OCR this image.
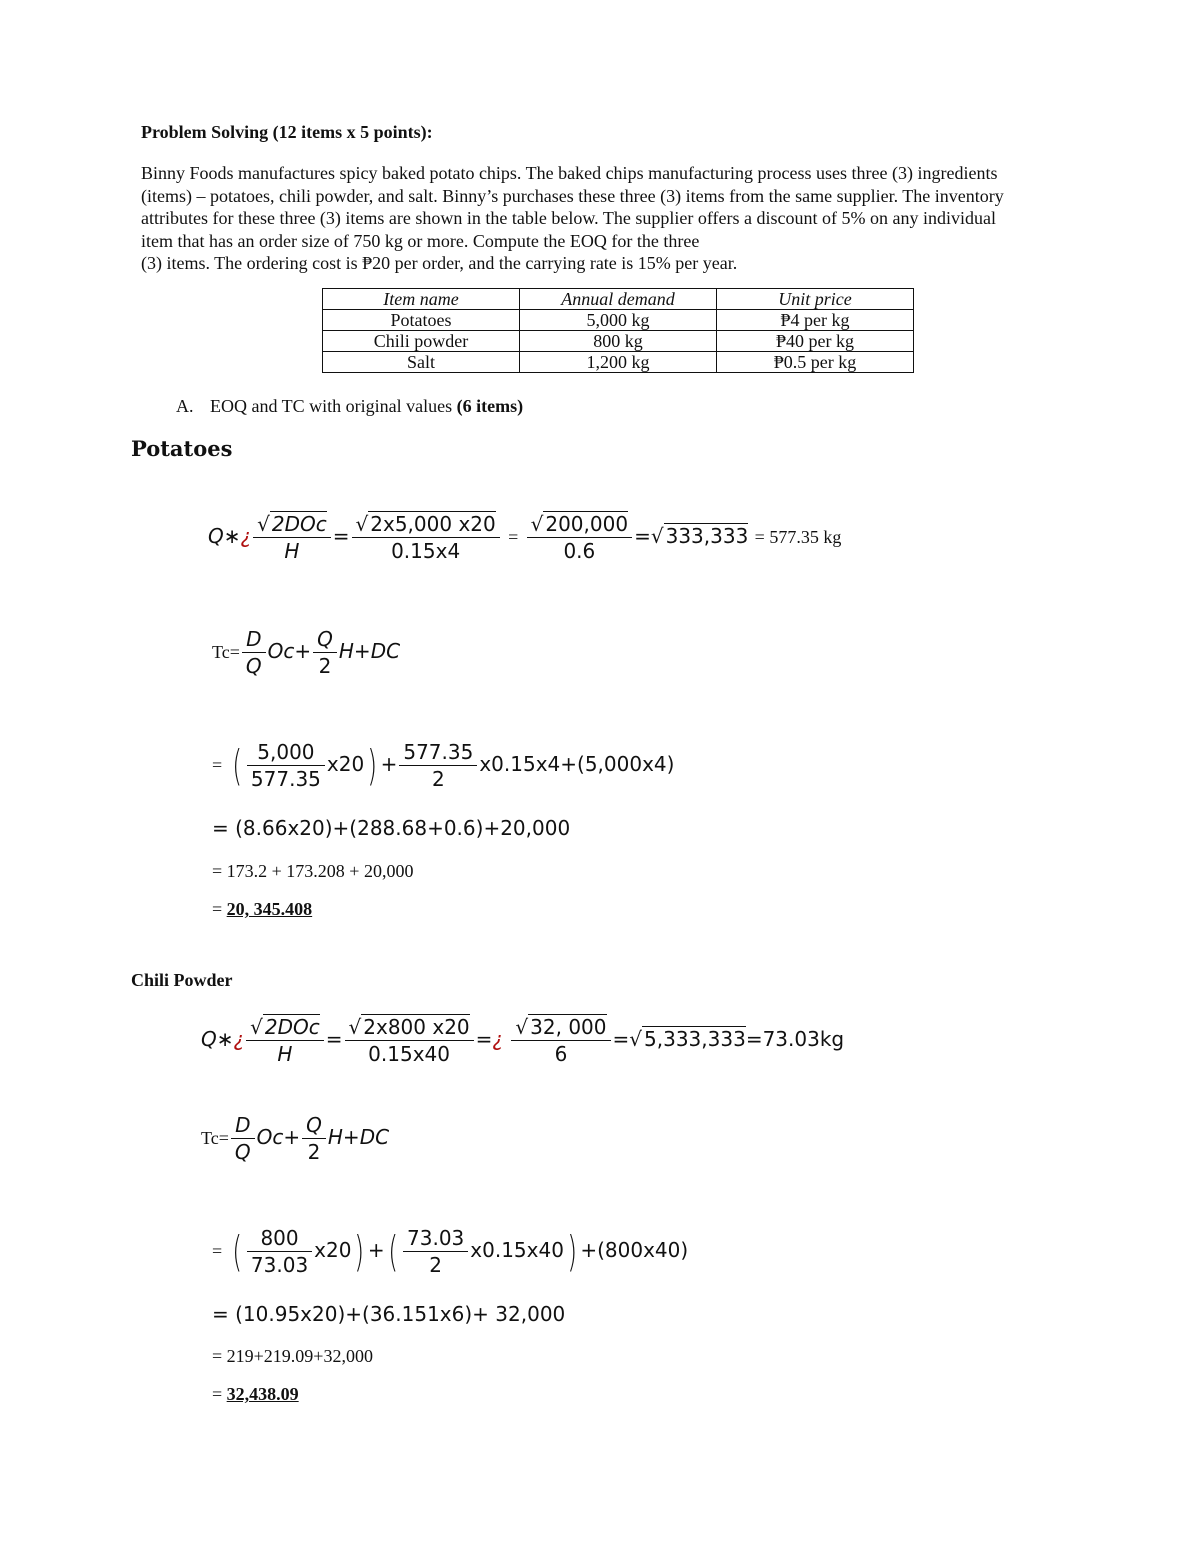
Problem Solving (12 items x 5 points):
Binny Foods manufactures spicy baked potato chips. The baked chips manufacturing process uses three (3) ingredients
(items) – potatoes, chili powder, and salt. Binny’s purchases these three (3) items from the same supplier. The inventory
attributes for these three (3) items are shown in the table below. The supplier offers a discount of 5% on any individual
item that has an order size of 750 kg or more. Compute the EOQ for the three
(3) items. The ordering cost is ₱20 per order, and the carrying rate is 15% per year.
Item name	Annual demand	Unit price
Potatoes	5,000 kg	₱4 per kg
Chili powder	800 kg	₱40 per kg
Salt	1,200 kg	₱0.5 per kg
A. EOQ and TC with original values (6 items)
Potatoes
Q∗¿ $\frac{\text{√ 2DOc}}{H} = \frac{√ 2x5,000 x20}{0.15x4} = \frac{√ 200,000}{0.6}$ =√ 333,333 = 577.35 kg
$Tc= \frac{D}{Q} Oc+ \frac{Q}{2} H+DC$
= ( $\frac{5,000}{577.35} x20) + \frac{577.35}{2} x0.15x4+(5,000x4)$
= (8.66x20)+(288.68+0.6)+20,000
= 173.2 + 173.208 + 20,000
= 20, 345.408
Chili Powder
Q∗¿ $\frac{\text{√ 2DOc}}{H} = \frac{√ 2x800 x20}{0.15x40}$ =¿ $\frac{√ 32, 000}{6}$ =√ 5,333,333=73.03kg
$Tc= \frac{D}{Q} Oc+ \frac{Q}{2} H+DC$
= ( $\frac{800}{73.03} x20$) +( $\frac{73.03}{2} x0.15x40) +(800x40)$
= (10.95x20)+(36.151x6)+ 32,000
= 219+219.09+32,000
= 32,438.09
